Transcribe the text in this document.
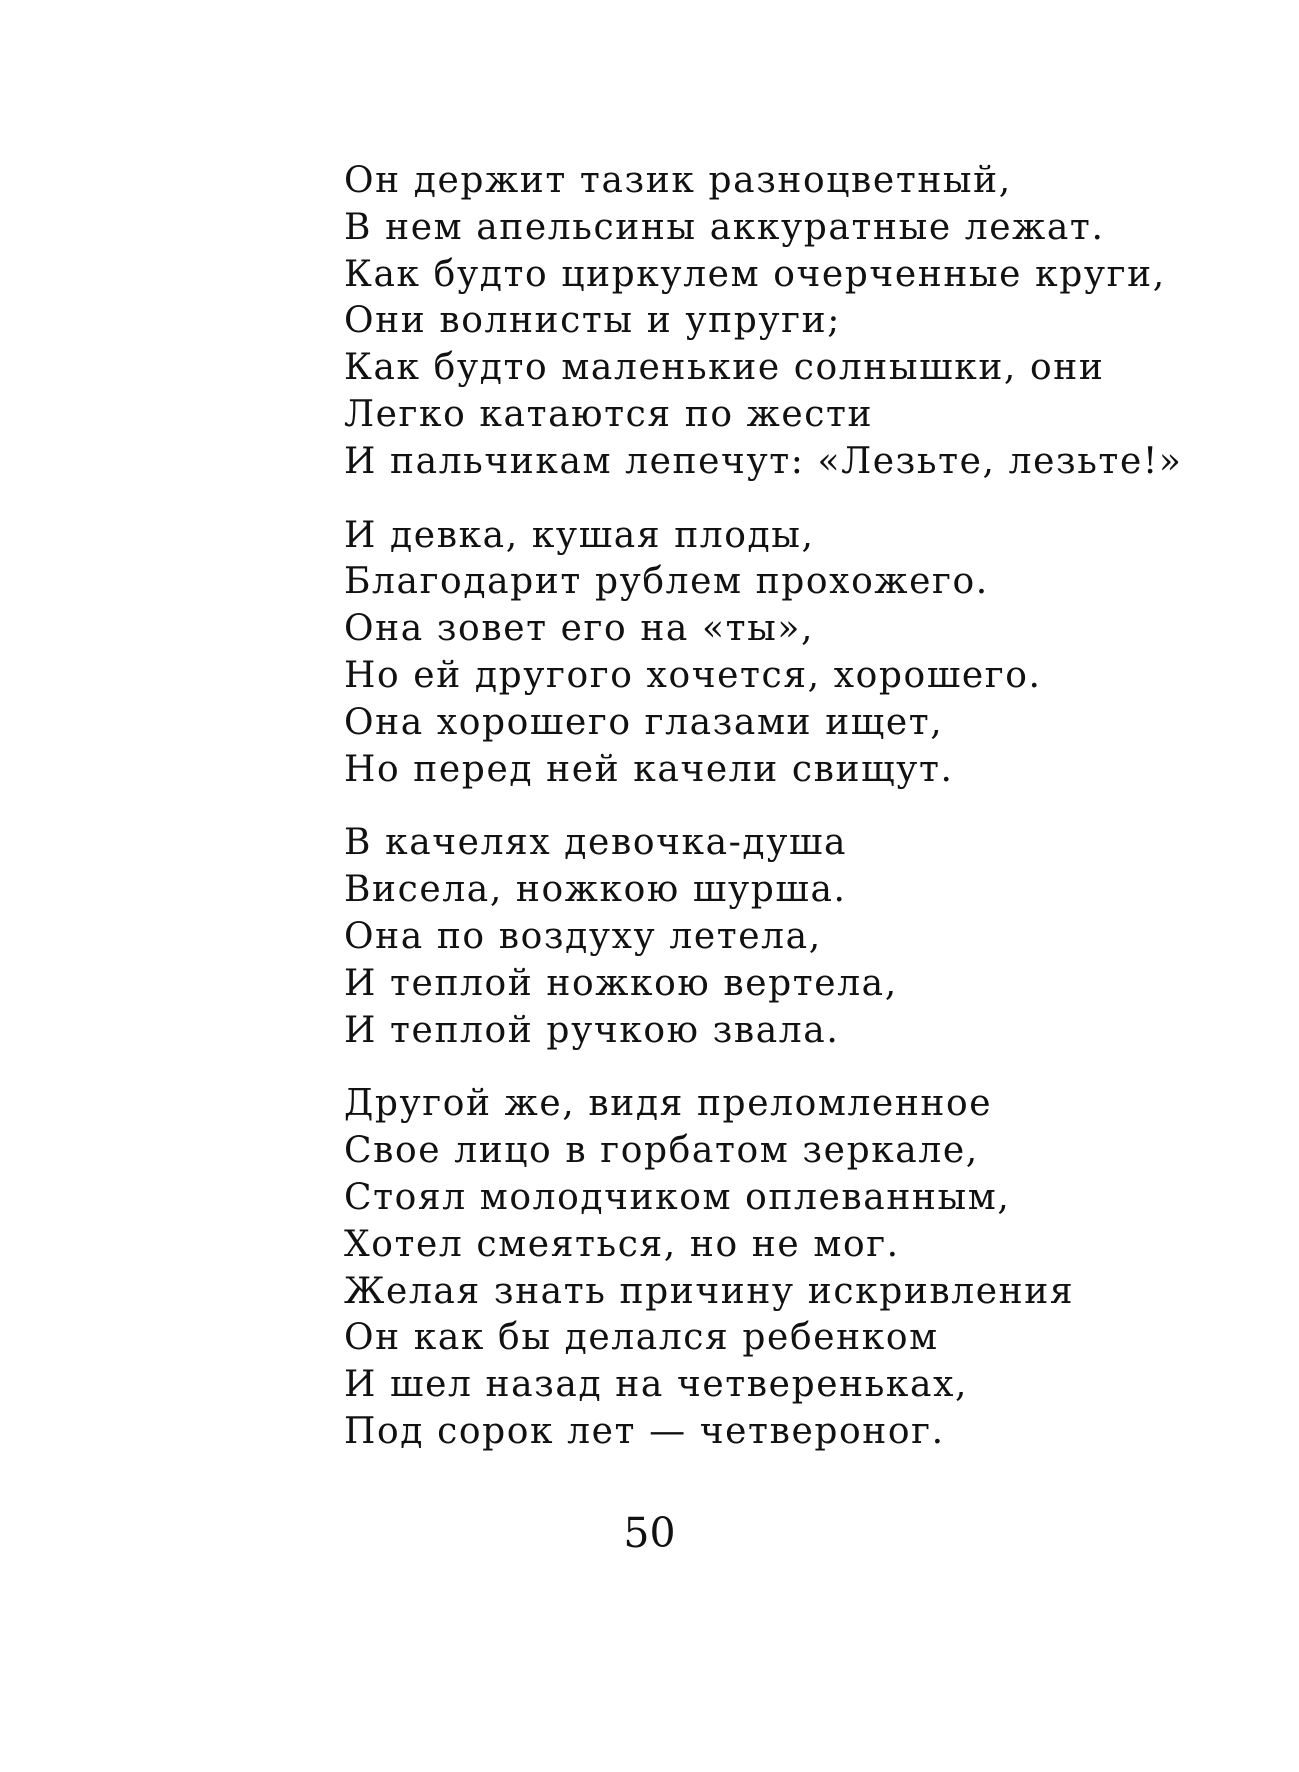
Он держит тазик разноцветный,
В нем апельсины аккуратные лежат.
Как будто циркулем очерченные круги,
Они волнисты и упруги;
Как будто маленькие солнышки, они
Легко катаются по жести
И пальчикам лепечут: «Лезьте, лезьте!»
И девка, кушая плоды,
Благодарит рублем прохожего.
Она зовет его на «ты»,
Но ей другого хочется, хорошего.
Она хорошего глазами ищет,
Но перед ней качели свищут.
В качелях девочка-душа
Висела, ножкою шурша.
Она по воздуху летела,
И теплой ножкою вертела,
И теплой ручкою звала.
Другой же, видя преломленное
Свое лицо в горбатом зеркале,
Стоял молодчиком оплеванным,
Хотел смеяться, но не мог.
Желая знать причину искривления
Он как бы делался ребенком
И шел назад на четвереньках,
Под сорок лет — четвероног.
50
